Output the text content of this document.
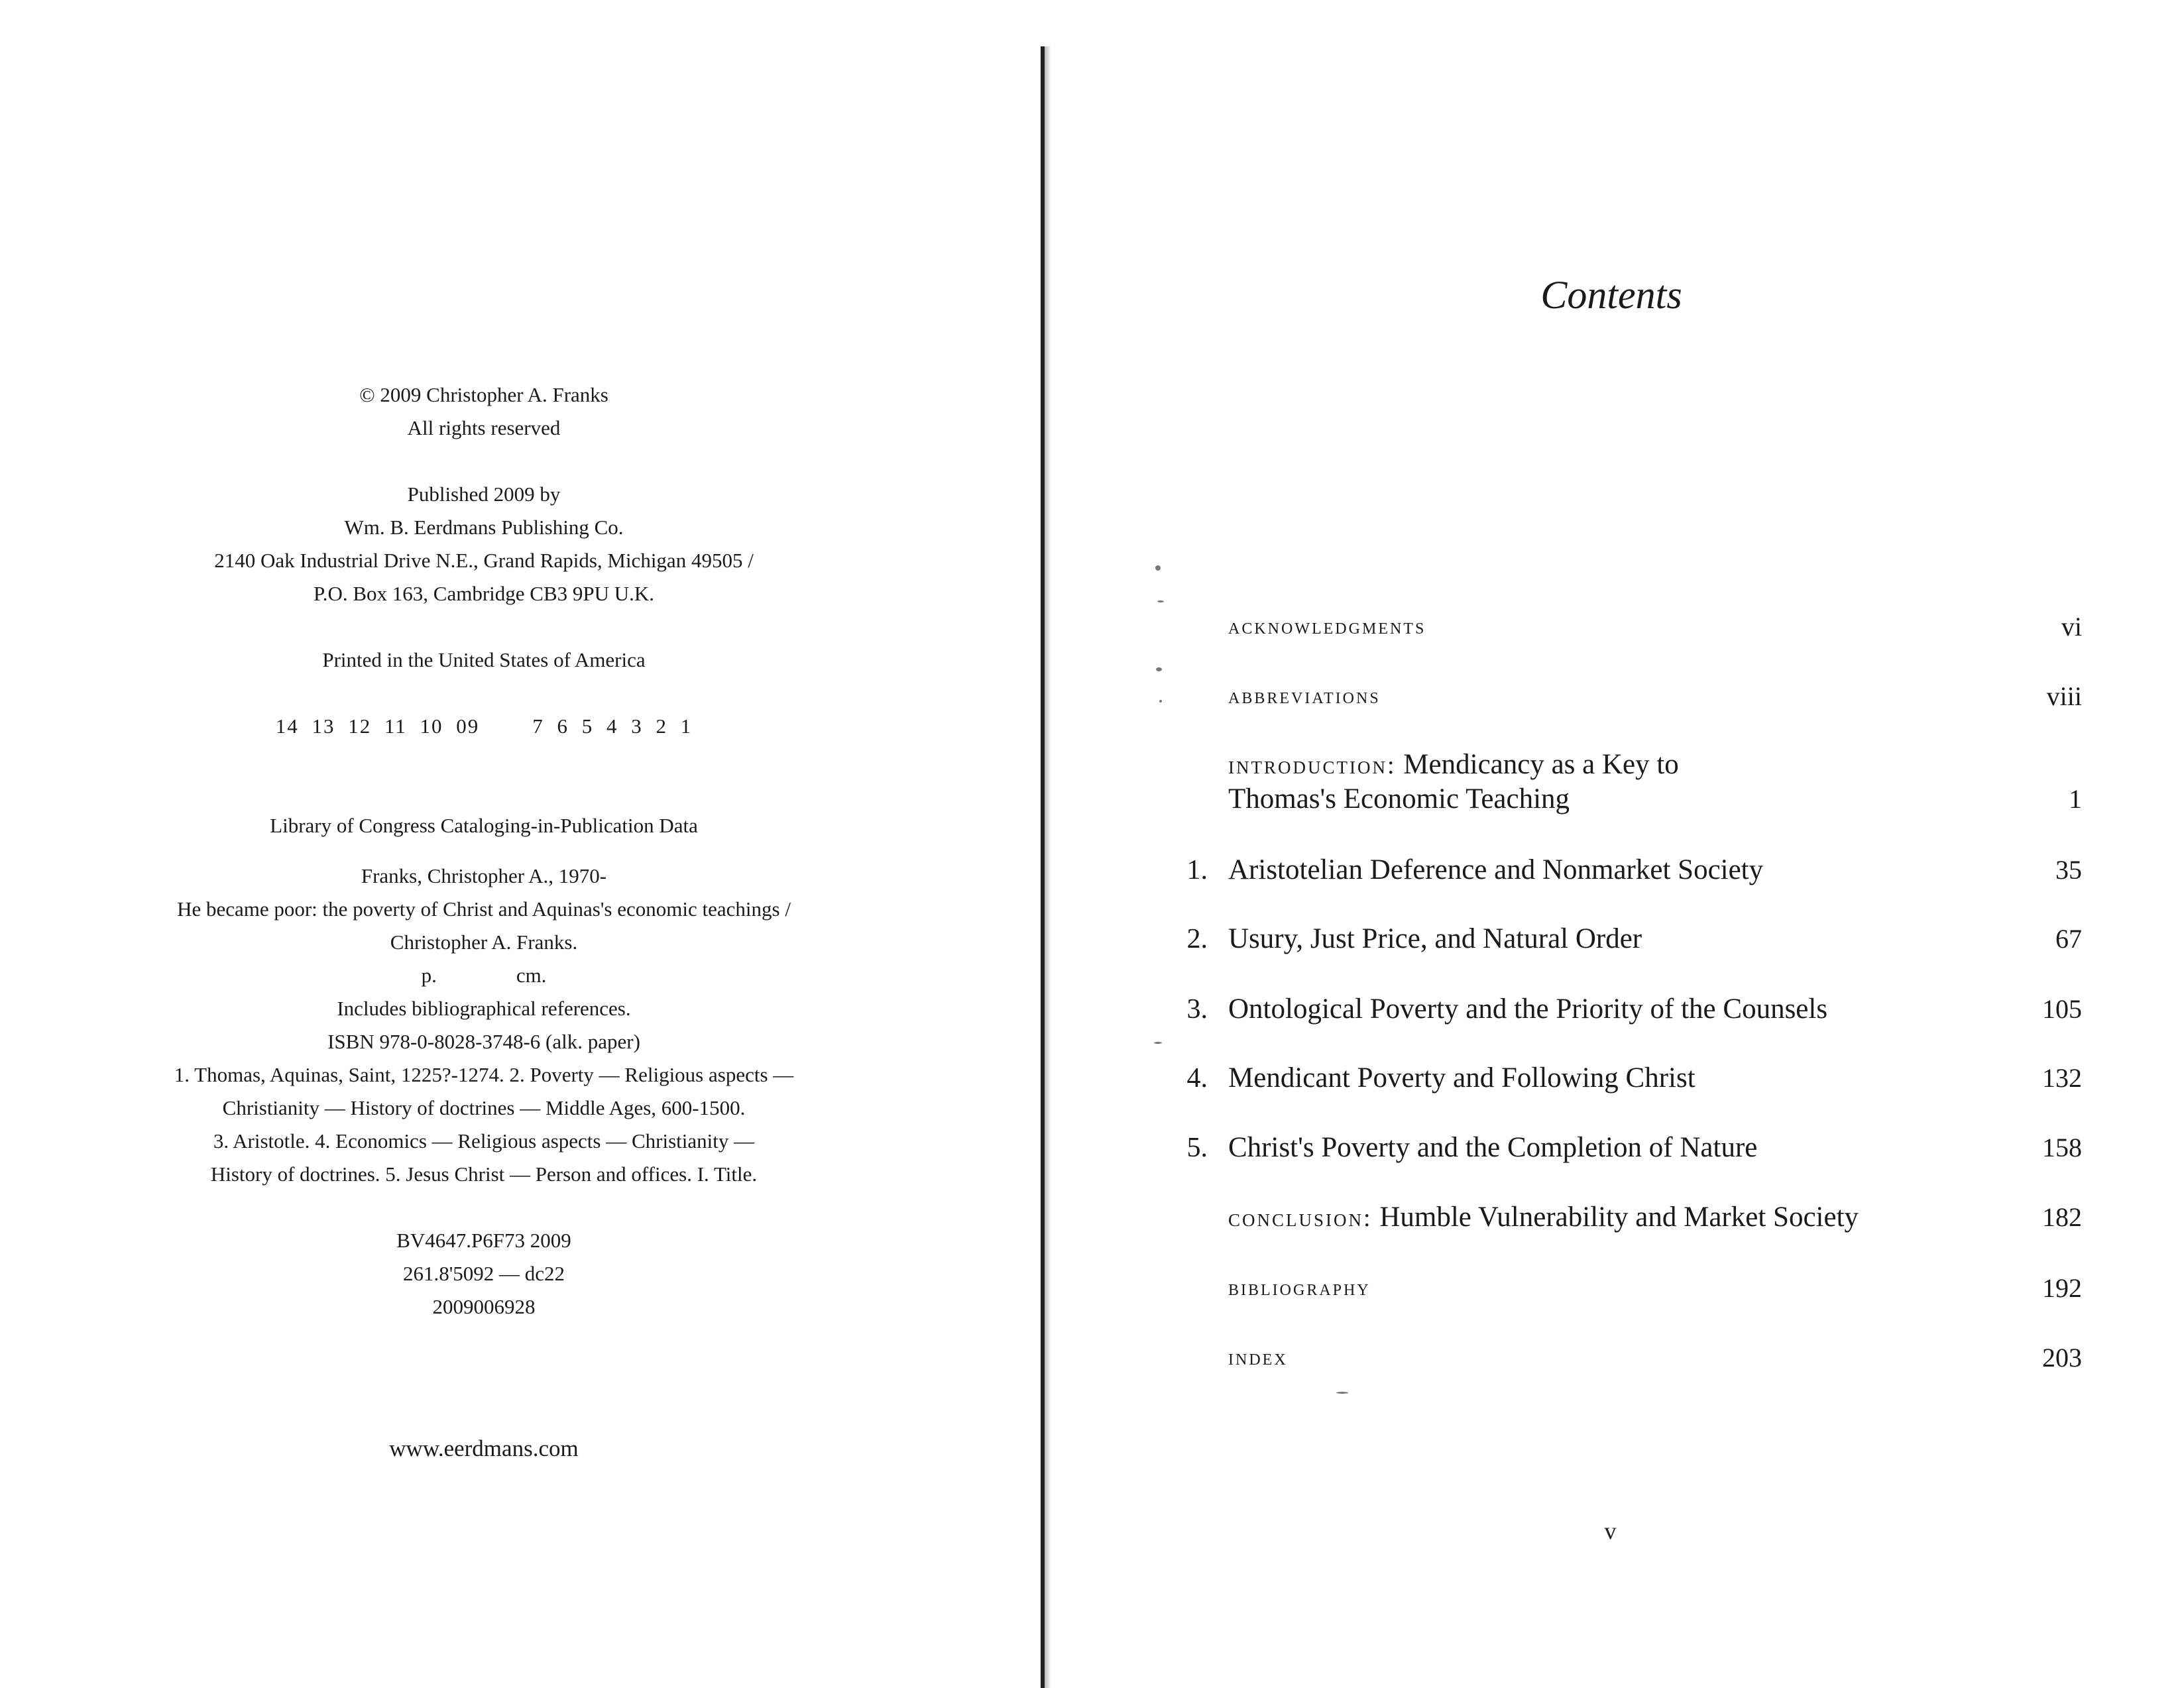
© 2009 Christopher A. Franks
All rights reserved
Published 2009 by
Wm. B. Eerdmans Publishing Co.
2140 Oak Industrial Drive N.E., Grand Rapids, Michigan 49505 /
P.O. Box 163, Cambridge CB3 9PU U.K.
Printed in the United States of America
14 13 12 11 10 09	7 6 5 4 3 2 1
Library of Congress Cataloging-in-Publication Data
Franks, Christopher A., 1970-
He became poor: the poverty of Christ and Aquinas's economic teachings /
Christopher A. Franks.
p.	cm.
Includes bibliographical references.
ISBN 978-0-8028-3748-6 (alk. paper)
1. Thomas, Aquinas, Saint, 1225?-1274. 2. Poverty — Religious aspects —
Christianity — History of doctrines — Middle Ages, 600-1500.
3. Aristotle. 4. Economics — Religious aspects — Christianity —
History of doctrines. 5. Jesus Christ — Person and offices. I. Title.
BV4647.P6F73 2009
261.8'5092 — dc22
2009006928
www.eerdmans.com
Contents
acknowledgments	vi
abbreviations	viii
introduction: Mendicancy as a Key to
Thomas's Economic Teaching	1
1. Aristotelian Deference and Nonmarket Society	35
2. Usury, Just Price, and Natural Order	67
3. Ontological Poverty and the Priority of the Counsels	105
4. Mendicant Poverty and Following Christ	132
5. Christ's Poverty and the Completion of Nature	158
conclusion: Humble Vulnerability and Market Society	182
bibliography	192
index	203
v
